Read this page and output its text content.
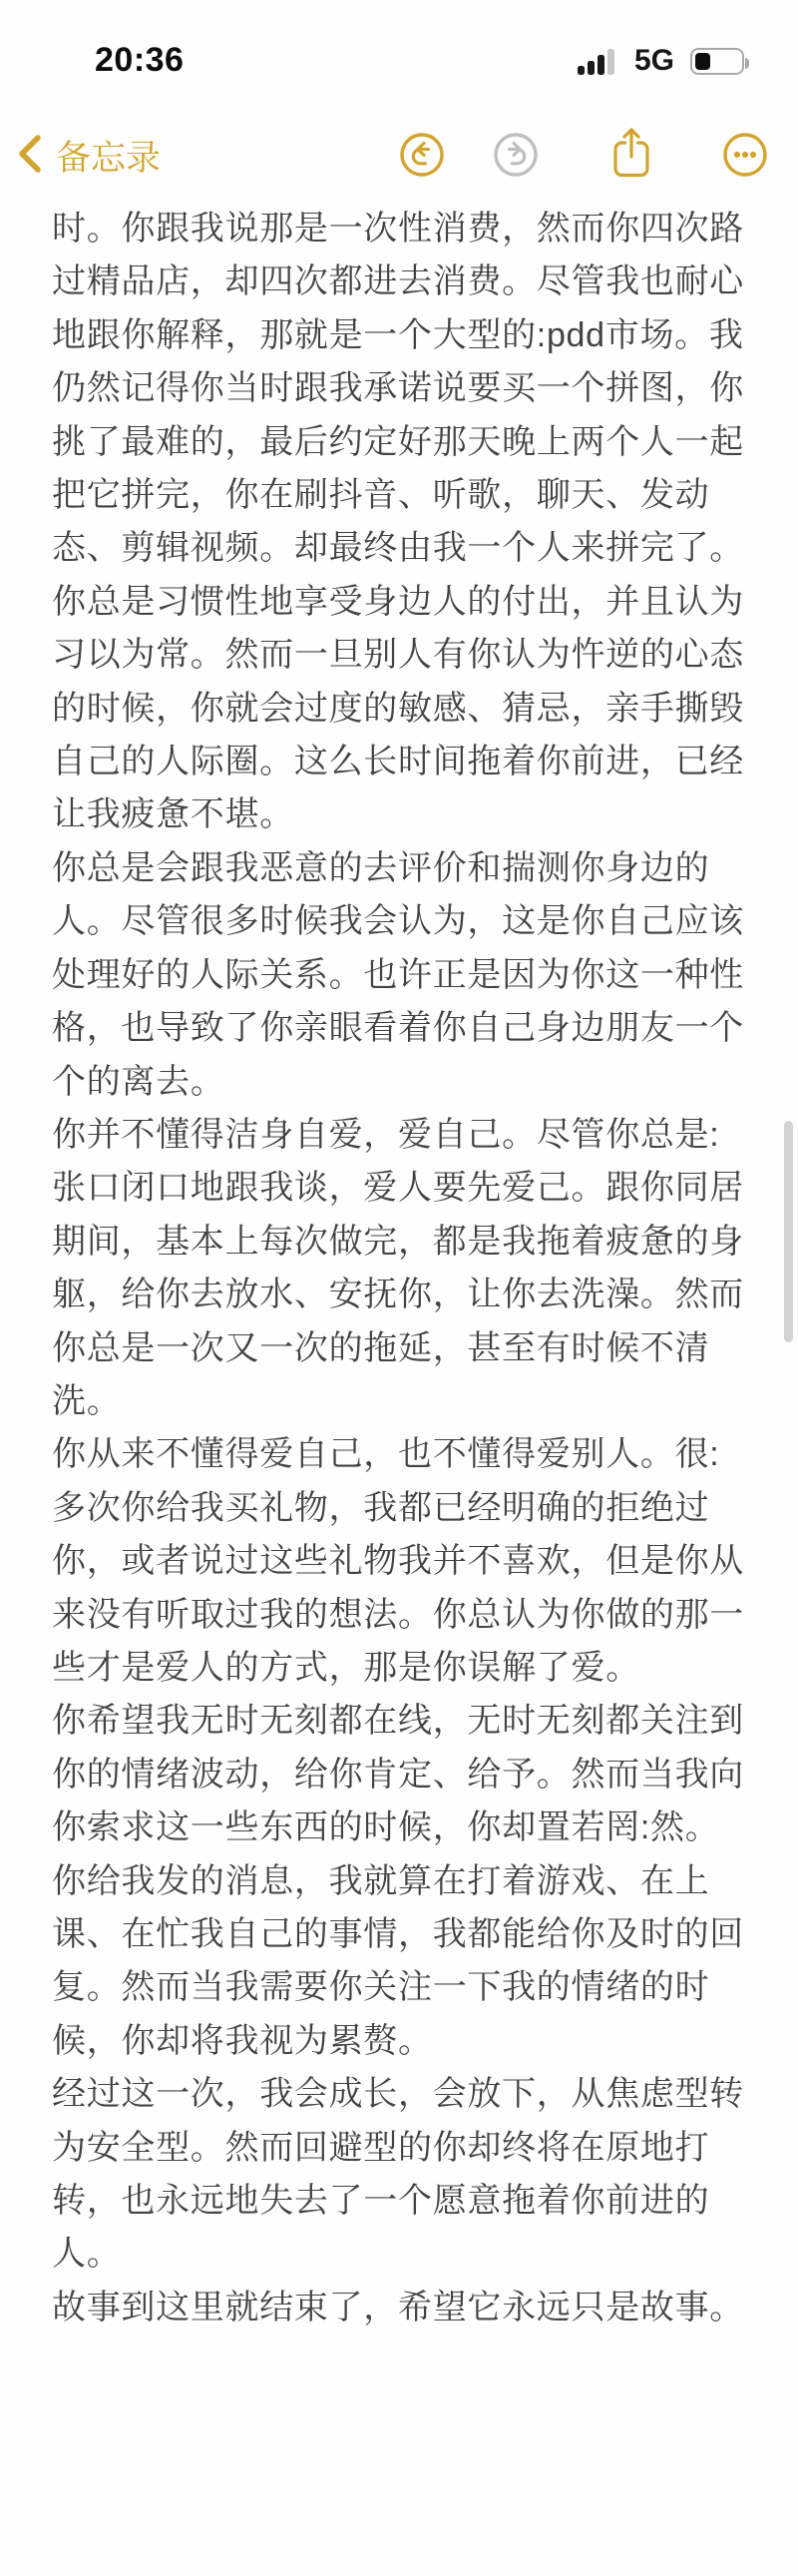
20:36	5G
备忘录
时。你跟我说那是一次性消费，然而你四次路
过精品店，却四次都进去消费。尽管我也耐心
地跟你解释，那就是一个大型的:pdd市场。我
仍然记得你当时跟我承诺说要买一个拼图，你
挑了最难的，最后约定好那天晚上两个人一起
把它拼完，你在刷抖音、听歌，聊天、发动
态、剪辑视频。却最终由我一个人来拼完了。
你总是习惯性地享受身边人的付出，并且认为
习以为常。然而一旦别人有你认为忤逆的心态
的时候，你就会过度的敏感、猜忌，亲手撕毁
自己的人际圈。这么长时间拖着你前进，已经
让我疲惫不堪。
你总是会跟我恶意的去评价和揣测你身边的
人。尽管很多时候我会认为，这是你自己应该
处理好的人际关系。也许正是因为你这一种性
格，也导致了你亲眼看着你自己身边朋友一个
个的离去。
你并不懂得洁身自爱，爱自己。尽管你总是:
张口闭口地跟我谈，爱人要先爱己。跟你同居
期间，基本上每次做完，都是我拖着疲惫的身
躯，给你去放水、安抚你，让你去洗澡。然而
你总是一次又一次的拖延，甚至有时候不清
洗。
你从来不懂得爱自己，也不懂得爱别人。很:
多次你给我买礼物，我都已经明确的拒绝过
你，或者说过这些礼物我并不喜欢，但是你从
来没有听取过我的想法。你总认为你做的那一
些才是爱人的方式，那是你误解了爱。
你希望我无时无刻都在线，无时无刻都关注到
你的情绪波动，给你肯定、给予。然而当我向
你索求这一些东西的时候，你却置若罔:然。
你给我发的消息，我就算在打着游戏、在上
课、在忙我自己的事情，我都能给你及时的回
复。然而当我需要你关注一下我的情绪的时
候，你却将我视为累赘。
经过这一次，我会成长，会放下，从焦虑型转
为安全型。然而回避型的你却终将在原地打
转，也永远地失去了一个愿意拖着你前进的
人。
故事到这里就结束了，希望它永远只是故事。
